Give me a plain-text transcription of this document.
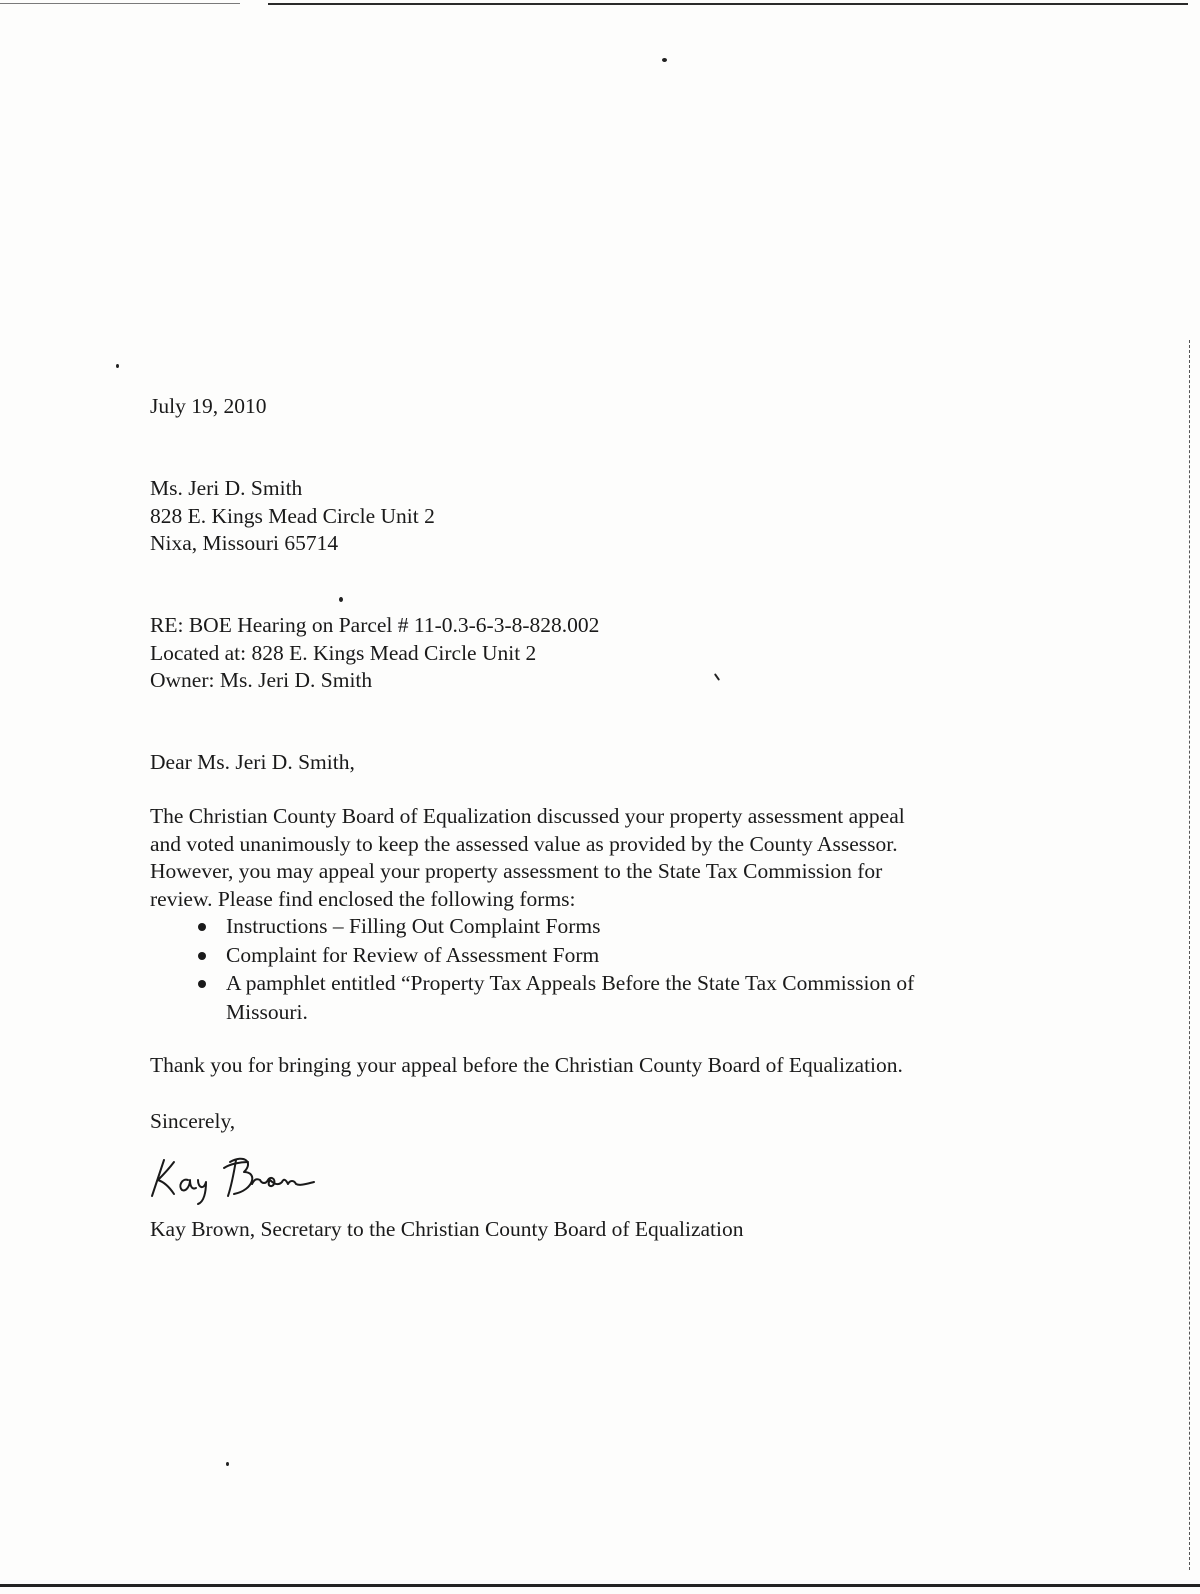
July 19, 2010
Ms. Jeri D. Smith
828 E. Kings Mead Circle Unit 2
Nixa, Missouri 65714
RE: BOE Hearing on Parcel # 11-0.3-6-3-8-828.002
Located at: 828 E. Kings Mead Circle Unit 2
Owner: Ms. Jeri D. Smith
Dear Ms. Jeri D. Smith,
The Christian County Board of Equalization discussed your property assessment appeal
and voted unanimously to keep the assessed value as provided by the County Assessor.
However, you may appeal your property assessment to the State Tax Commission for
review. Please find enclosed the following forms:
Instructions – Filling Out Complaint Forms
Complaint for Review of Assessment Form
A pamphlet entitled “Property Tax Appeals Before the State Tax Commission of
Missouri.
Thank you for bringing your appeal before the Christian County Board of Equalization.
Sincerely,
Kay Brown, Secretary to the Christian County Board of Equalization
